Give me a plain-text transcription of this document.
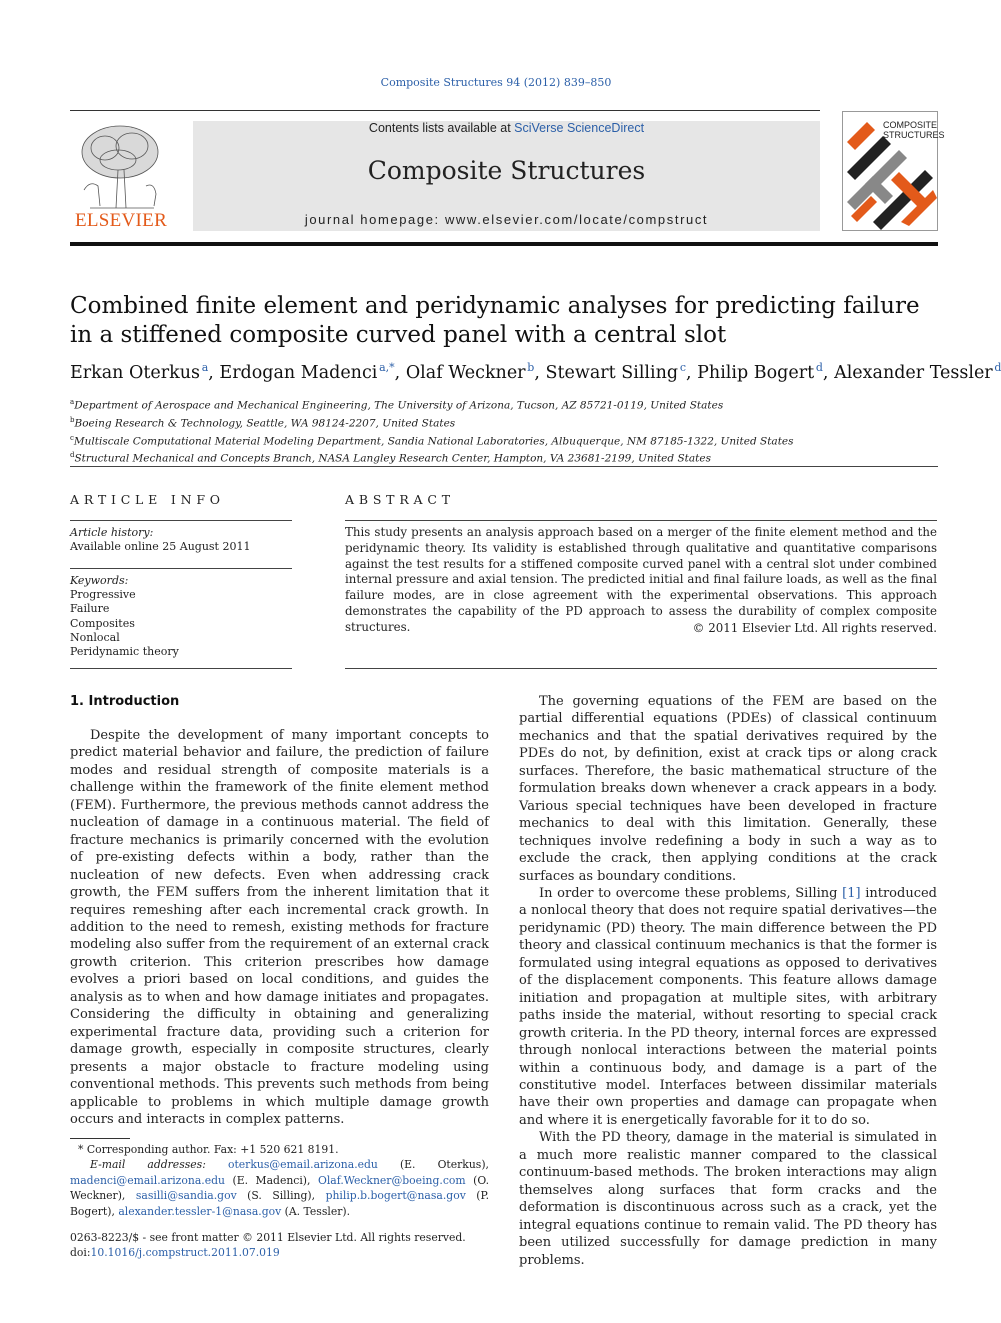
Composite Structures 94 (2012) 839–850
ELSEVIER
Contents lists available at SciVerse ScienceDirect
Composite Structures
journal homepage: www.elsevier.com/locate/compstruct
COMPOSITE
STRUCTURES
Combined finite element and peridynamic analyses for predicting failure
in a stiffened composite curved panel with a central slot
Erkan Oterkus  $^a$, Erdogan Madenci  $^{a,*}$, Olaf Weckner  $^b$, Stewart Silling  $^c$, Philip Bogert  $^d$, Alexander Tessler  $^d$
$^a$Department of Aerospace and Mechanical Engineering, The University of Arizona, Tucson, AZ 85721-0119, United States
$^b$Boeing Research & Technology, Seattle, WA 98124-2207, United States
$^c$Multiscale Computational Material Modeling Department, Sandia National Laboratories, Albuquerque, NM 87185-1322, United States
$^d$Structural Mechanical and Concepts Branch, NASA Langley Research Center, Hampton, VA 23681-2199, United States
ARTICLE INFO
Article history:
Available online 25 August 2011
Keywords:
Progressive
Failure
Composites
Nonlocal
Peridynamic theory
ABSTRACT
This study presents an analysis approach based on a merger of the finite element method and the peridynamic theory. Its validity is established through qualitative and quantitative comparisons against the test results for a stiffened composite curved panel with a central slot under combined internal pressure and axial tension. The predicted initial and final failure loads, as well as the final failure modes, are in close agreement with the experimental observations. This approach demonstrates the capability of the PD approach to assess the durability of complex composite structures.	© 2011 Elsevier Ltd. All rights reserved.
1. Introduction

Despite the development of many important concepts to predict material behavior and failure, the prediction of failure modes and residual strength of composite materials is a challenge within the framework of the finite element method (FEM). Furthermore, the previous methods cannot address the nucleation of damage in a continuous material. The field of fracture mechanics is primarily concerned with the evolution of pre-existing defects within a body, rather than the nucleation of new defects. Even when addressing crack growth, the FEM suffers from the inherent limitation that it requires remeshing after each incremental crack growth. In addition to the need to remesh, existing methods for fracture modeling also suffer from the requirement of an external crack growth criterion. This criterion prescribes how damage evolves a priori based on local conditions, and guides the analysis as to when and how damage initiates and propagates. Considering the difficulty in obtaining and generalizing experimental fracture data, providing such a criterion for damage growth, especially in composite structures, clearly presents a major obstacle to fracture modeling using conventional methods. This prevents such methods from being applicable to problems in which multiple damage growth occurs and interacts in complex patterns.

The governing equations of the FEM are based on the partial differential equations (PDEs) of classical continuum mechanics and that the spatial derivatives required by the PDEs do not, by definition, exist at crack tips or along crack surfaces. Therefore, the basic mathematical structure of the formulation breaks down whenever a crack appears in a body. Various special techniques have been developed in fracture mechanics to deal with this limitation. Generally, these techniques involve redefining a body in such a way as to exclude the crack, then applying conditions at the crack surfaces as boundary conditions.

In order to overcome these problems, Silling [1] introduced a nonlocal theory that does not require spatial derivatives—the peridynamic (PD) theory. The main difference between the PD theory and classical continuum mechanics is that the former is formulated using integral equations as opposed to derivatives of the displacement components. This feature allows damage initiation and propagation at multiple sites, with arbitrary paths inside the material, without resorting to special crack growth criteria. In the PD theory, internal forces are expressed through nonlocal interactions between the material points within a continuous body, and damage is a part of the constitutive model. Interfaces between dissimilar materials have their own properties and damage can propagate when and where it is energetically favorable for it to do so.

With the PD theory, damage in the material is simulated in a much more realistic manner compared to the classical continuum-based methods. The broken interactions may align themselves along surfaces that form cracks and the deformation is discontinuous across such as a crack, yet the integral equations continue to remain valid. The PD theory has been utilized successfully for damage prediction in many problems.

* Corresponding author. Fax: +1 520 621 8191.
E-mail addresses: oterkus@email.arizona.edu (E. Oterkus), madenci@email.arizona.edu (E. Madenci), Olaf.Weckner@boeing.com (O. Weckner), sasilli@sandia.gov (S. Silling), philip.b.bogert@nasa.gov (P. Bogert), alexander.tessler-1@nasa.gov (A. Tessler).
0263-8223/$ - see front matter © 2011 Elsevier Ltd. All rights reserved.
doi:10.1016/j.compstruct.2011.07.019
